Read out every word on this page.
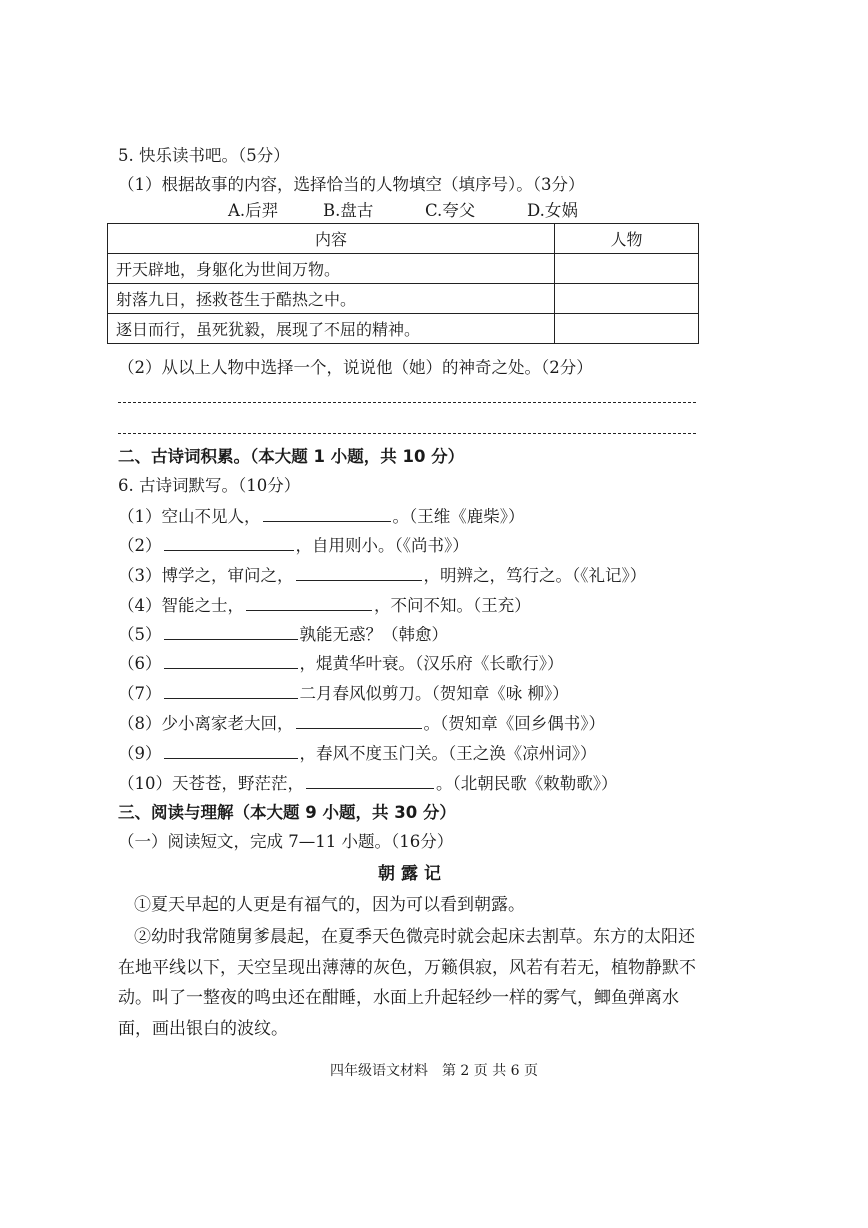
5. 快乐读书吧。（5分）
（1）根据故事的内容，选择恰当的人物填空（填序号）。（3分）
A.后羿	B.盘古	C.夸父	D.女娲
内容	人物
开天辟地，身躯化为世间万物。	
射落九日，拯救苍生于酷热之中。	
逐日而行，虽死犹毅，展现了不屈的精神。	
（2）从以上人物中选择一个，说说他（她）的神奇之处。（2分）
二、古诗词积累。（本大题 1 小题，共 10 分）
6. 古诗词默写。（10分）
（1）空山不见人，	。（王维《鹿柴》）
（2）	，自用则小。（《尚书》）
（3）博学之，审问之，	，明辨之，笃行之。（《礼记》）
（4）智能之士，	，不问不知。（王充）
（5）	孰能无惑？（韩愈）
（6）	，焜黄华叶衰。（汉乐府《长歌行》）
（7）	二月春风似剪刀。（贺知章《咏 柳》）
（8）少小离家老大回，	。（贺知章《回乡偶书》）
（9）	，春风不度玉门关。（王之涣《凉州词》）
（10）天苍苍，野茫茫，	。（北朝民歌《敕勒歌》）
三、阅读与理解（本大题 9 小题，共 30 分）
（一）阅读短文，完成 7—11 小题。（16分）
朝露记
①夏天早起的人更是有福气的，因为可以看到朝露。
②幼时我常随舅爹晨起，在夏季天色微亮时就会起床去割草。东方的太阳还在地平线以下，天空呈现出薄薄的灰色，万籁俱寂，风若有若无，植物静默不动。叫了一整夜的鸣虫还在酣睡，水面上升起轻纱一样的雾气，鲫鱼弹离水面，画出银白的波纹。
四年级语文材料　第 2 页 共 6 页
